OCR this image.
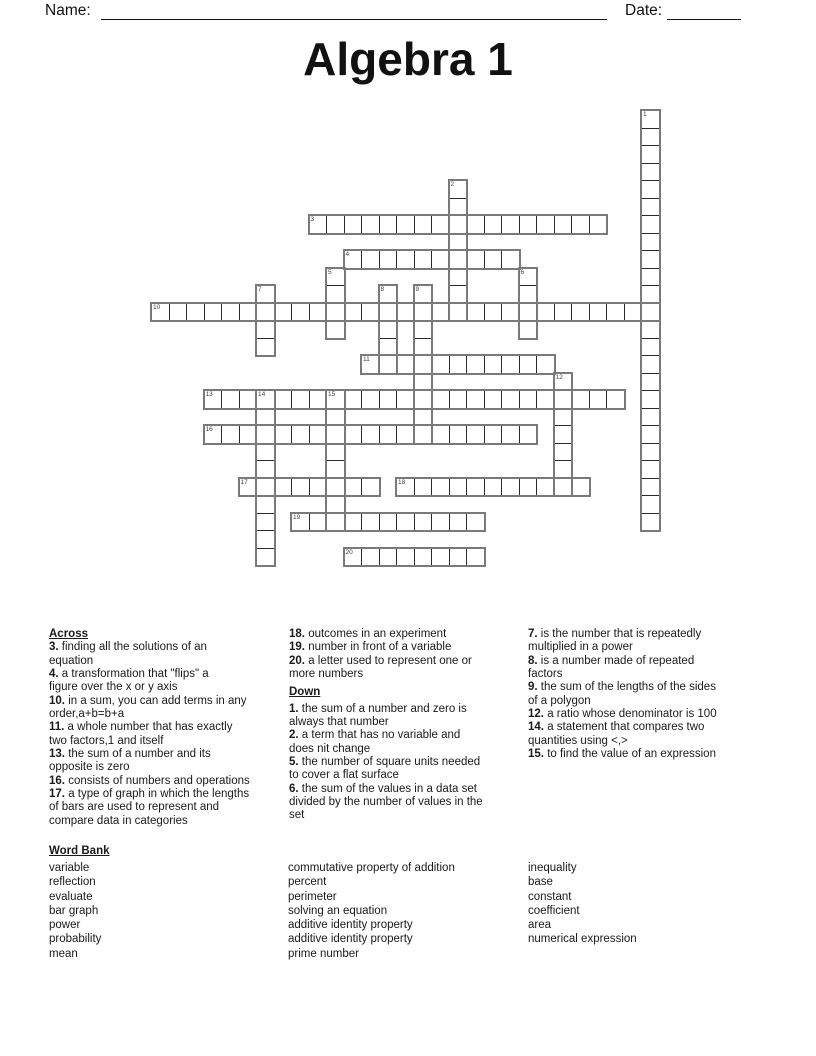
Name:	Date:
Algebra 1
1
2
3
4
5	6
7	8	9
10
11
12
13	14	15
16
17	18
19
20
Across
3. finding all the solutions of an
equation
4. a transformation that "flips" a
figure over the x or y axis
10. in a sum, you can add terms in any
order,a+b=b+a
11. a whole number that has exactly
two factors,1 and itself
13. the sum of a number and its
opposite is zero
16. consists of numbers and operations
17. a type of graph in which the lengths
of bars are used to represent and
compare data in categories
18. outcomes in an experiment
19. number in front of a variable
20. a letter used to represent one or
more numbers
Down
1. the sum of a number and zero is
always that number
2. a term that has no variable and
does nit change
5. the number of square units needed
to cover a flat surface
6. the sum of the values in a data set
divided by the number of values in the
set
7. is the number that is repeatedly
multiplied in a power
8. is a number made of repeated
factors
9. the sum of the lengths of the sides
of a polygon
12. a ratio whose denominator is 100
14. a statement that compares two
quantities using <,>
15. to find the value of an expression
Word Bank
variable
reflection
evaluate
bar graph
power
probability
mean
commutative property of addition
percent
perimeter
solving an equation
additive identity property
additive identity property
prime number
inequality
base
constant
coefficient
area
numerical expression
